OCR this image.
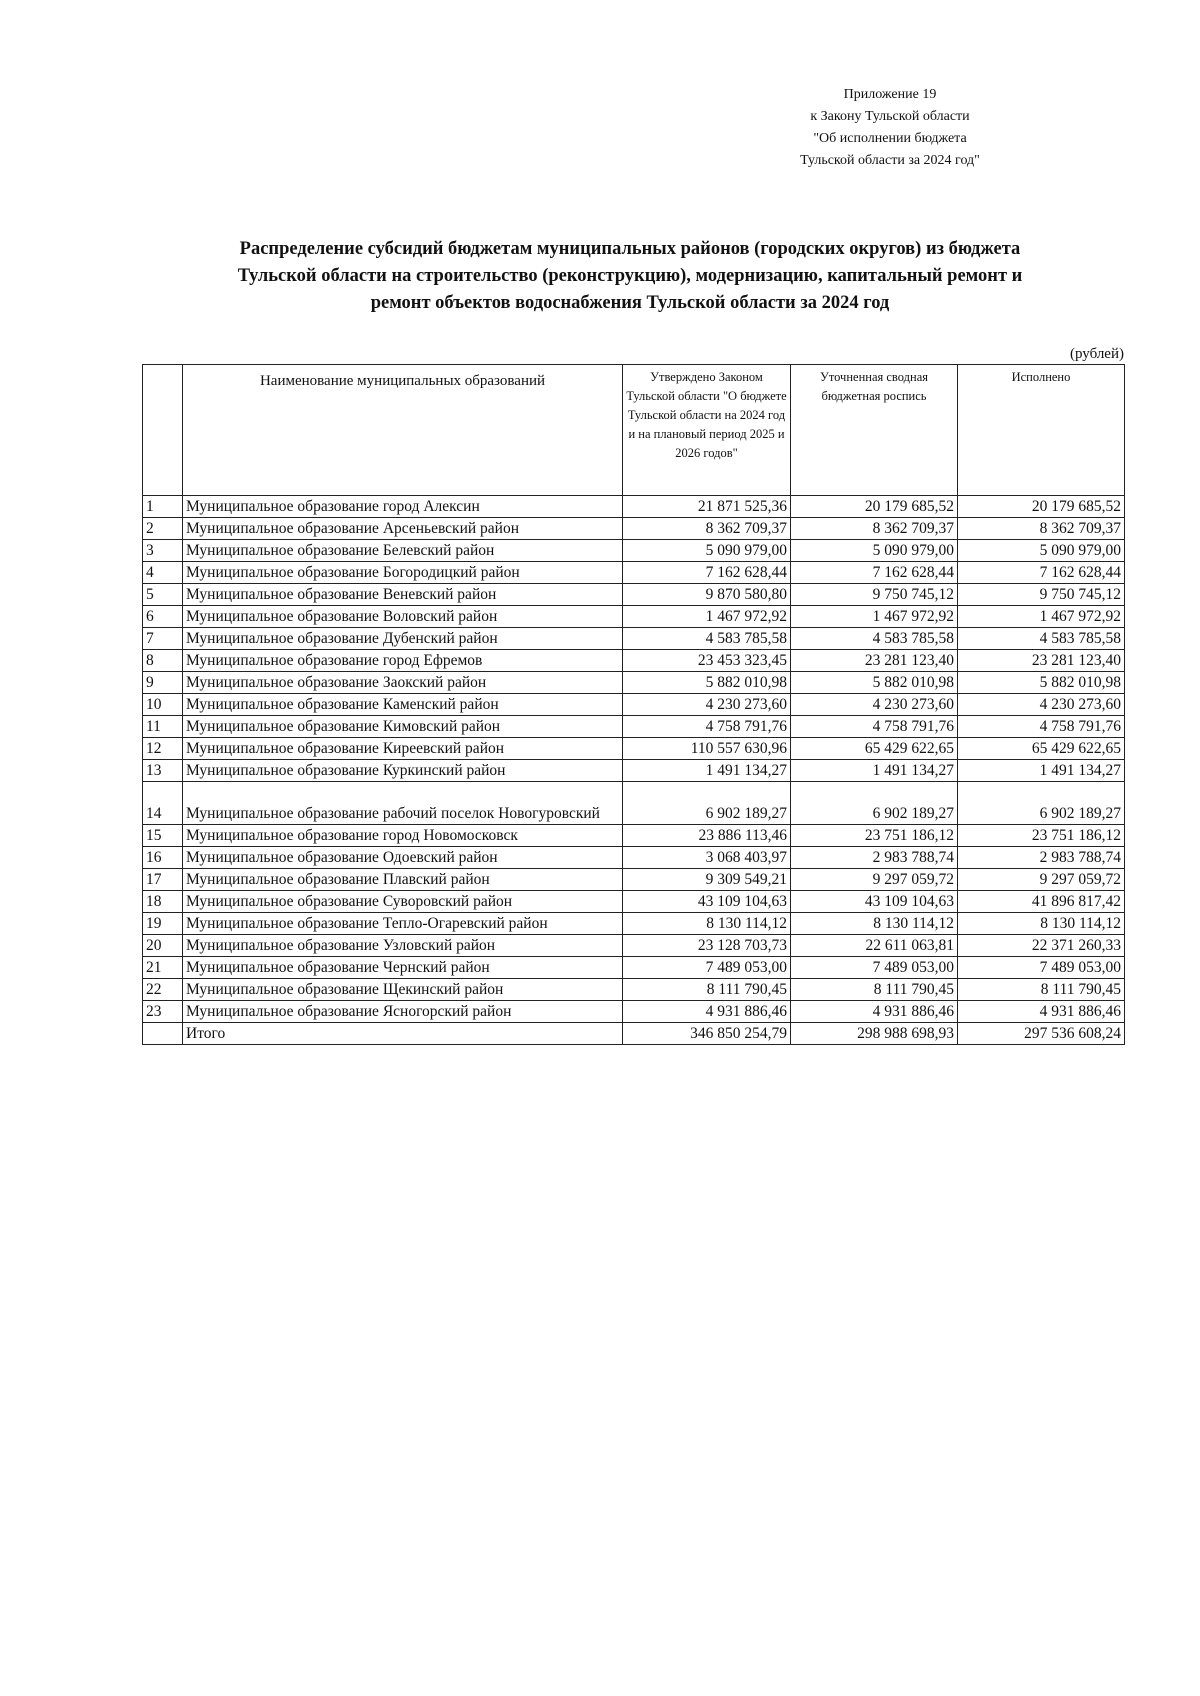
Приложение 19
к Закону Тульской области
"Об исполнении бюджета
Тульской области за 2024 год"
Распределение субсидий бюджетам муниципальных районов (городских округов) из бюджета
Тульской области на строительство (реконструкцию), модернизацию, капитальный ремонт и
ремонт объектов водоснабжения Тульской области за 2024 год
(рублей)
	Наименование муниципальных образований	Утверждено Законом Тульской области "О бюджете Тульской области на 2024 год и на плановый период 2025 и 2026 годов"	Уточненная сводная бюджетная роспись	Исполнено
1	Муниципальное образование город Алексин	21 871 525,36	20 179 685,52	20 179 685,52
2	Муниципальное образование Арсеньевский район	8 362 709,37	8 362 709,37	8 362 709,37
3	Муниципальное образование Белевский район	5 090 979,00	5 090 979,00	5 090 979,00
4	Муниципальное образование Богородицкий район	7 162 628,44	7 162 628,44	7 162 628,44
5	Муниципальное образование Веневский район	9 870 580,80	9 750 745,12	9 750 745,12
6	Муниципальное образование Воловский район	1 467 972,92	1 467 972,92	1 467 972,92
7	Муниципальное образование Дубенский район	4 583 785,58	4 583 785,58	4 583 785,58
8	Муниципальное образование город Ефремов	23 453 323,45	23 281 123,40	23 281 123,40
9	Муниципальное образование Заокский район	5 882 010,98	5 882 010,98	5 882 010,98
10	Муниципальное образование Каменский район	4 230 273,60	4 230 273,60	4 230 273,60
11	Муниципальное образование Кимовский район	4 758 791,76	4 758 791,76	4 758 791,76
12	Муниципальное образование Киреевский район	110 557 630,96	65 429 622,65	65 429 622,65
13	Муниципальное образование Куркинский район	1 491 134,27	1 491 134,27	1 491 134,27
14	Муниципальное образование рабочий поселок Новогуровский	6 902 189,27	6 902 189,27	6 902 189,27
15	Муниципальное образование город Новомосковск	23 886 113,46	23 751 186,12	23 751 186,12
16	Муниципальное образование Одоевский район	3 068 403,97	2 983 788,74	2 983 788,74
17	Муниципальное образование Плавский район	9 309 549,21	9 297 059,72	9 297 059,72
18	Муниципальное образование Суворовский район	43 109 104,63	43 109 104,63	41 896 817,42
19	Муниципальное образование Тепло-Огаревский район	8 130 114,12	8 130 114,12	8 130 114,12
20	Муниципальное образование Узловский район	23 128 703,73	22 611 063,81	22 371 260,33
21	Муниципальное образование Чернский район	7 489 053,00	7 489 053,00	7 489 053,00
22	Муниципальное образование Щекинский район	8 111 790,45	8 111 790,45	8 111 790,45
23	Муниципальное образование Ясногорский район	4 931 886,46	4 931 886,46	4 931 886,46
	Итого	346 850 254,79	298 988 698,93	297 536 608,24
